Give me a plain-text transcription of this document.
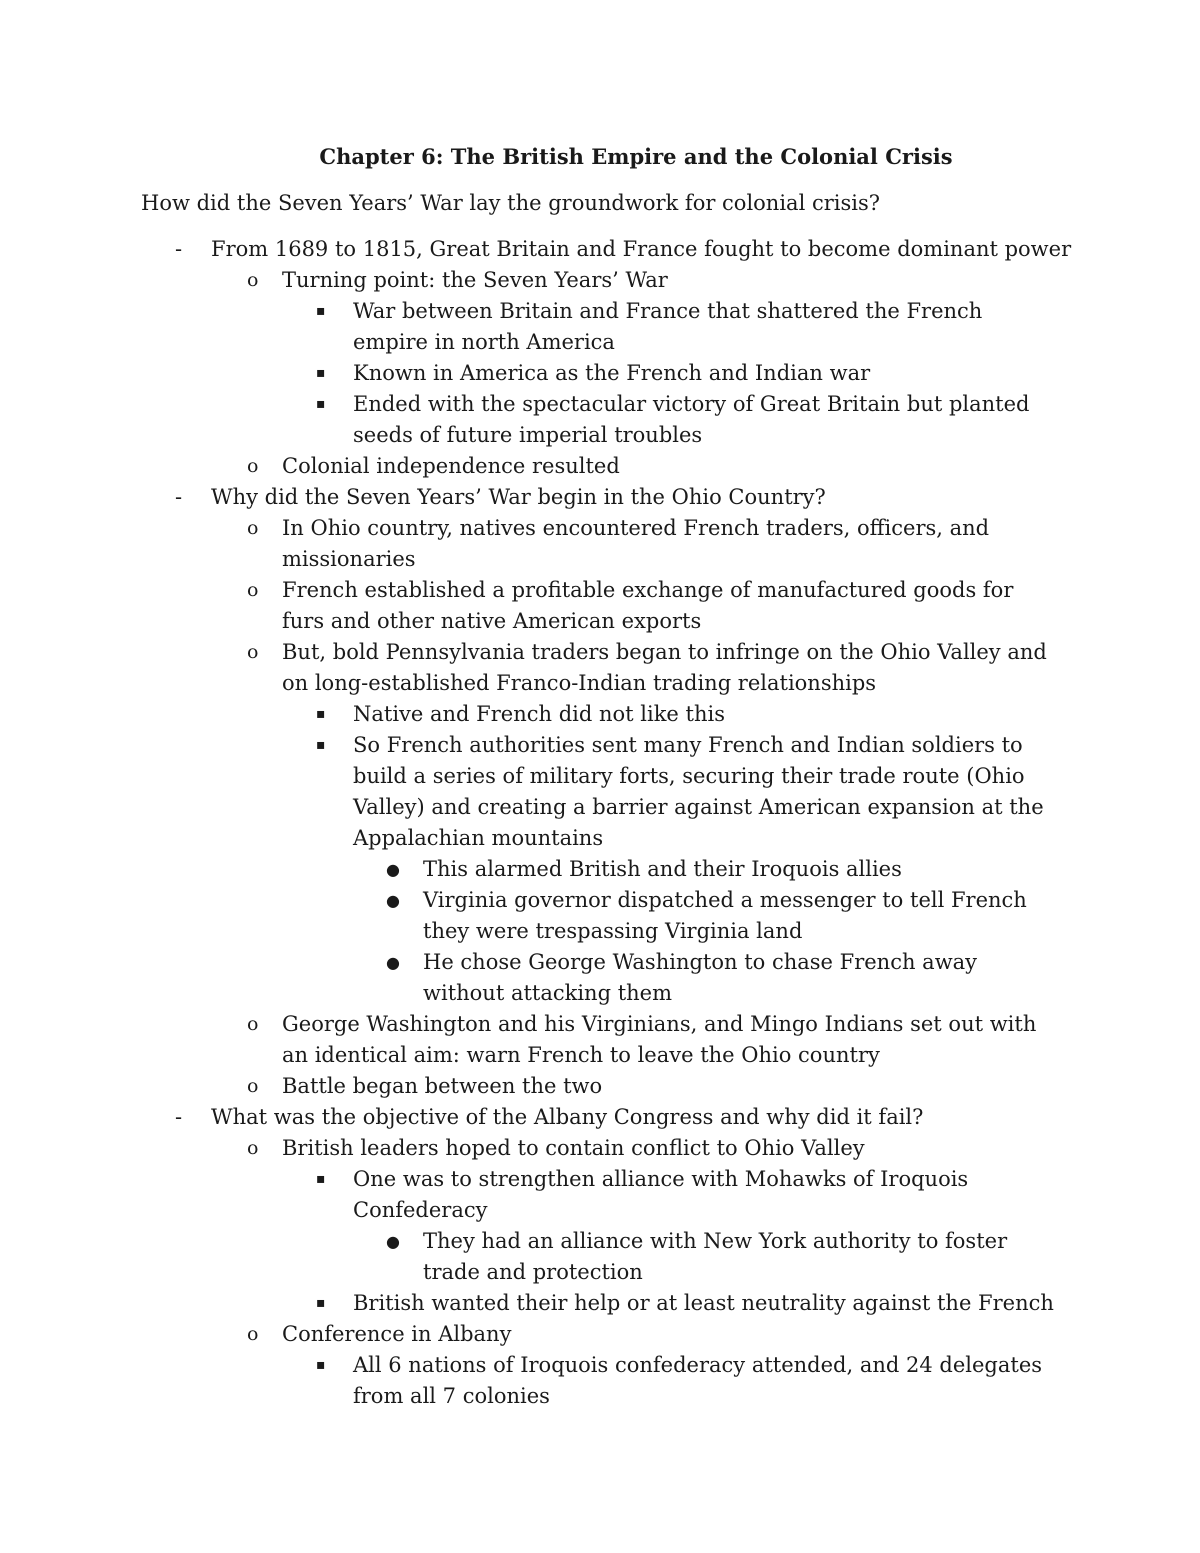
Chapter 6: The British Empire and the Colonial Crisis

How did the Seven Years’ War lay the groundwork for colonial crisis?

- From 1689 to 1815, Great Britain and France fought to become dominant power
o Turning point: the Seven Years’ War
▪ War between Britain and France that shattered the French empire in north America
▪ Known in America as the French and Indian war
▪ Ended with the spectacular victory of Great Britain but planted seeds of future imperial troubles
o Colonial independence resulted
- Why did the Seven Years’ War begin in the Ohio Country?
o In Ohio country, natives encountered French traders, officers, and missionaries
o French established a profitable exchange of manufactured goods for furs and other native American exports
o But, bold Pennsylvania traders began to infringe on the Ohio Valley and on long-established Franco-Indian trading relationships
▪ Native and French did not like this
▪ So French authorities sent many French and Indian soldiers to build a series of military forts, securing their trade route (Ohio Valley) and creating a barrier against American expansion at the Appalachian mountains
● This alarmed British and their Iroquois allies
● Virginia governor dispatched a messenger to tell French they were trespassing Virginia land
● He chose George Washington to chase French away without attacking them
o George Washington and his Virginians, and Mingo Indians set out with an identical aim: warn French to leave the Ohio country
o Battle began between the two
- What was the objective of the Albany Congress and why did it fail?
o British leaders hoped to contain conflict to Ohio Valley
▪ One was to strengthen alliance with Mohawks of Iroquois Confederacy
● They had an alliance with New York authority to foster trade and protection
▪ British wanted their help or at least neutrality against the French
o Conference in Albany
▪ All 6 nations of Iroquois confederacy attended, and 24 delegates from all 7 colonies
